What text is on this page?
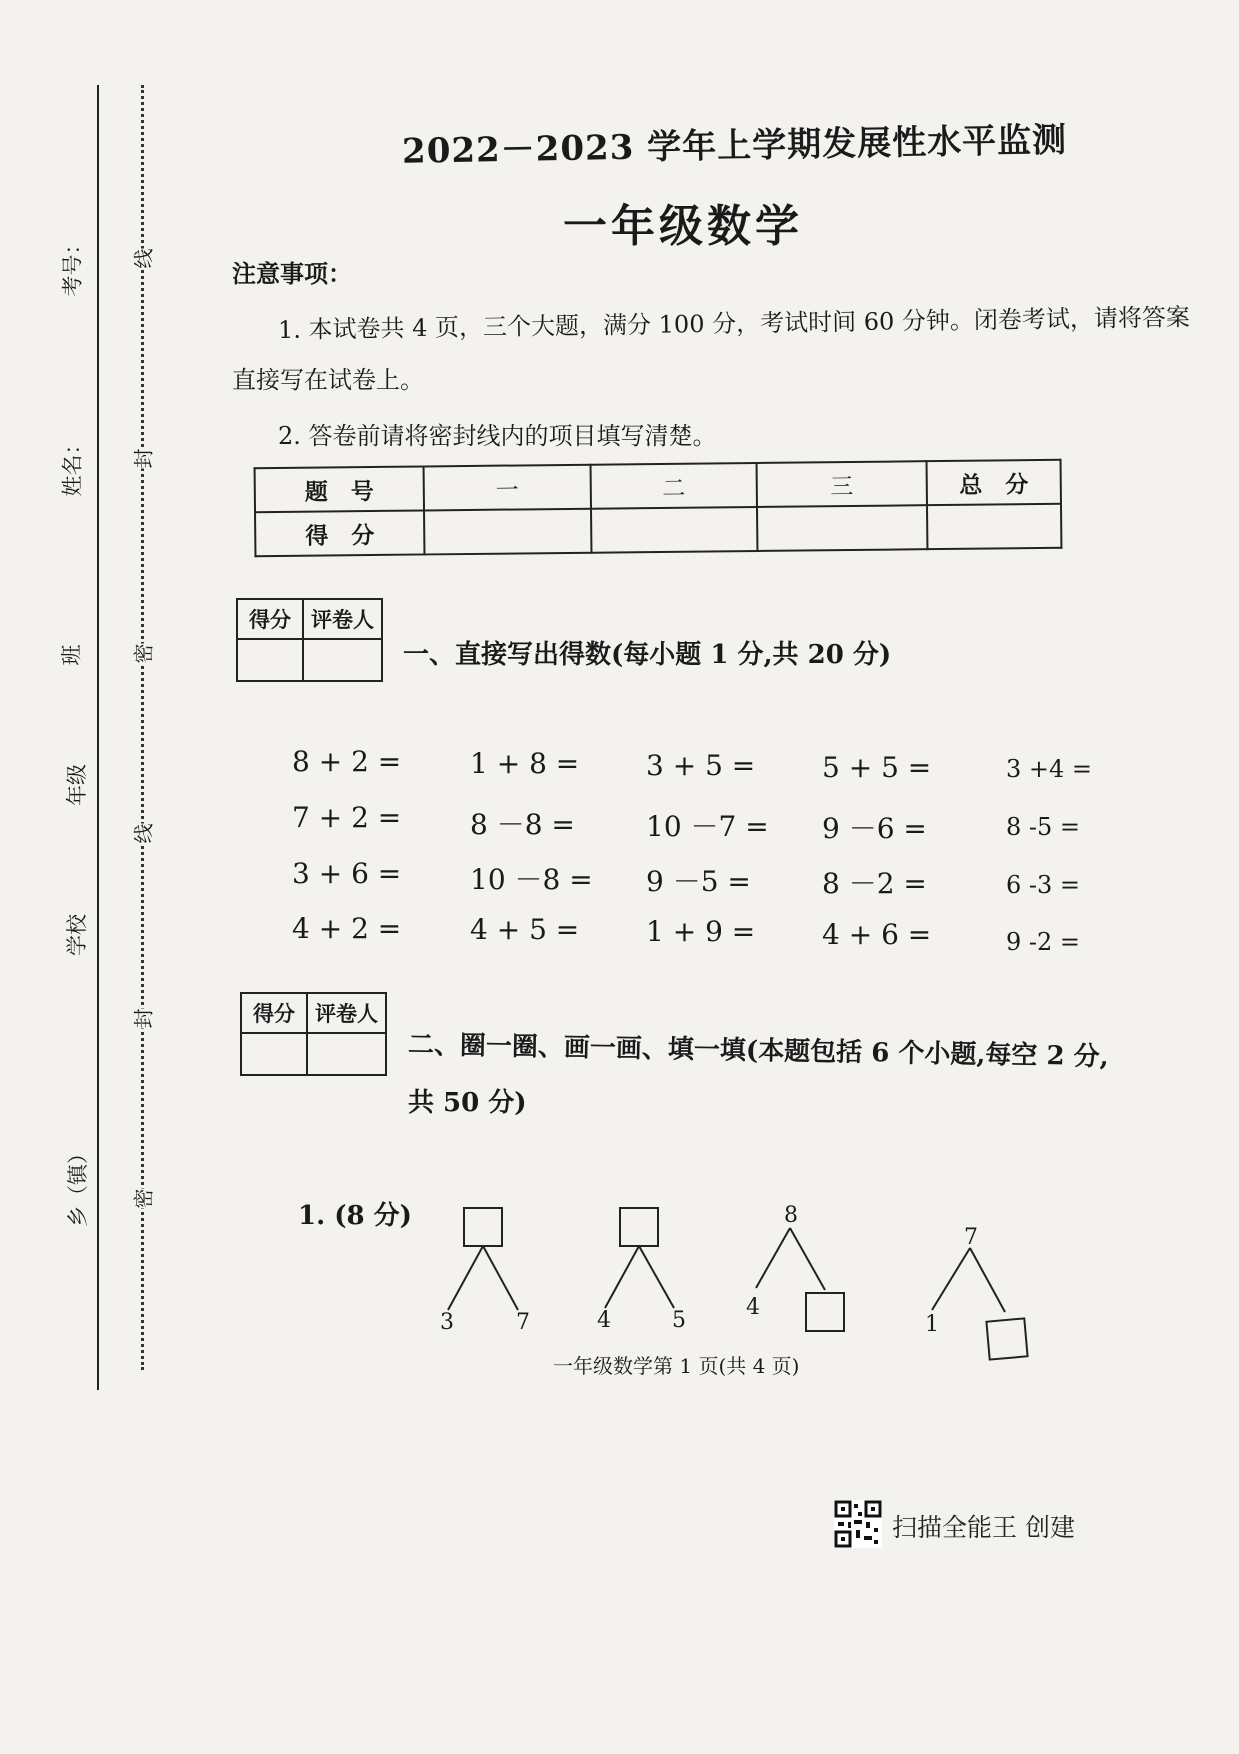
考号：
姓名：
班
年级
学校
乡（镇）
线
封
密
线
封
密
2022－2023 学年上学期发展性水平监测
一年级数学
注意事项：
1. 本试卷共 4 页，三个大题，满分 100 分，考试时间 60 分钟。闭卷考试，请将答案
直接写在试卷上。
2. 答卷前请将密封线内的项目填写清楚。
题　号	一	二	三	总　分
得　分				
得分	评卷人

一、直接写出得数(每小题 1 分,共 20 分)
8 + 2 = 1 + 8 = 3 + 5 = 5 + 5 =	3 +4 =
7 + 2 = 8 －8 =	10 －7 = 9 －6 =	8 -5 =
3 + 6 = 10 －8 = 9 －5 =	8 －2 =	6 -3 =
4 + 2 = 4 + 5 = 1 + 9 = 4 + 6 =	9 -2 =
得分	评卷人

二、圈一圈、画一画、填一填(本题包括 6 个小题,每空 2 分,
共 50 分)
1. (8 分)
3	7	4	5
8
4
7
1
一年级数学第 1 页(共 4 页)
扫描全能王 创建
